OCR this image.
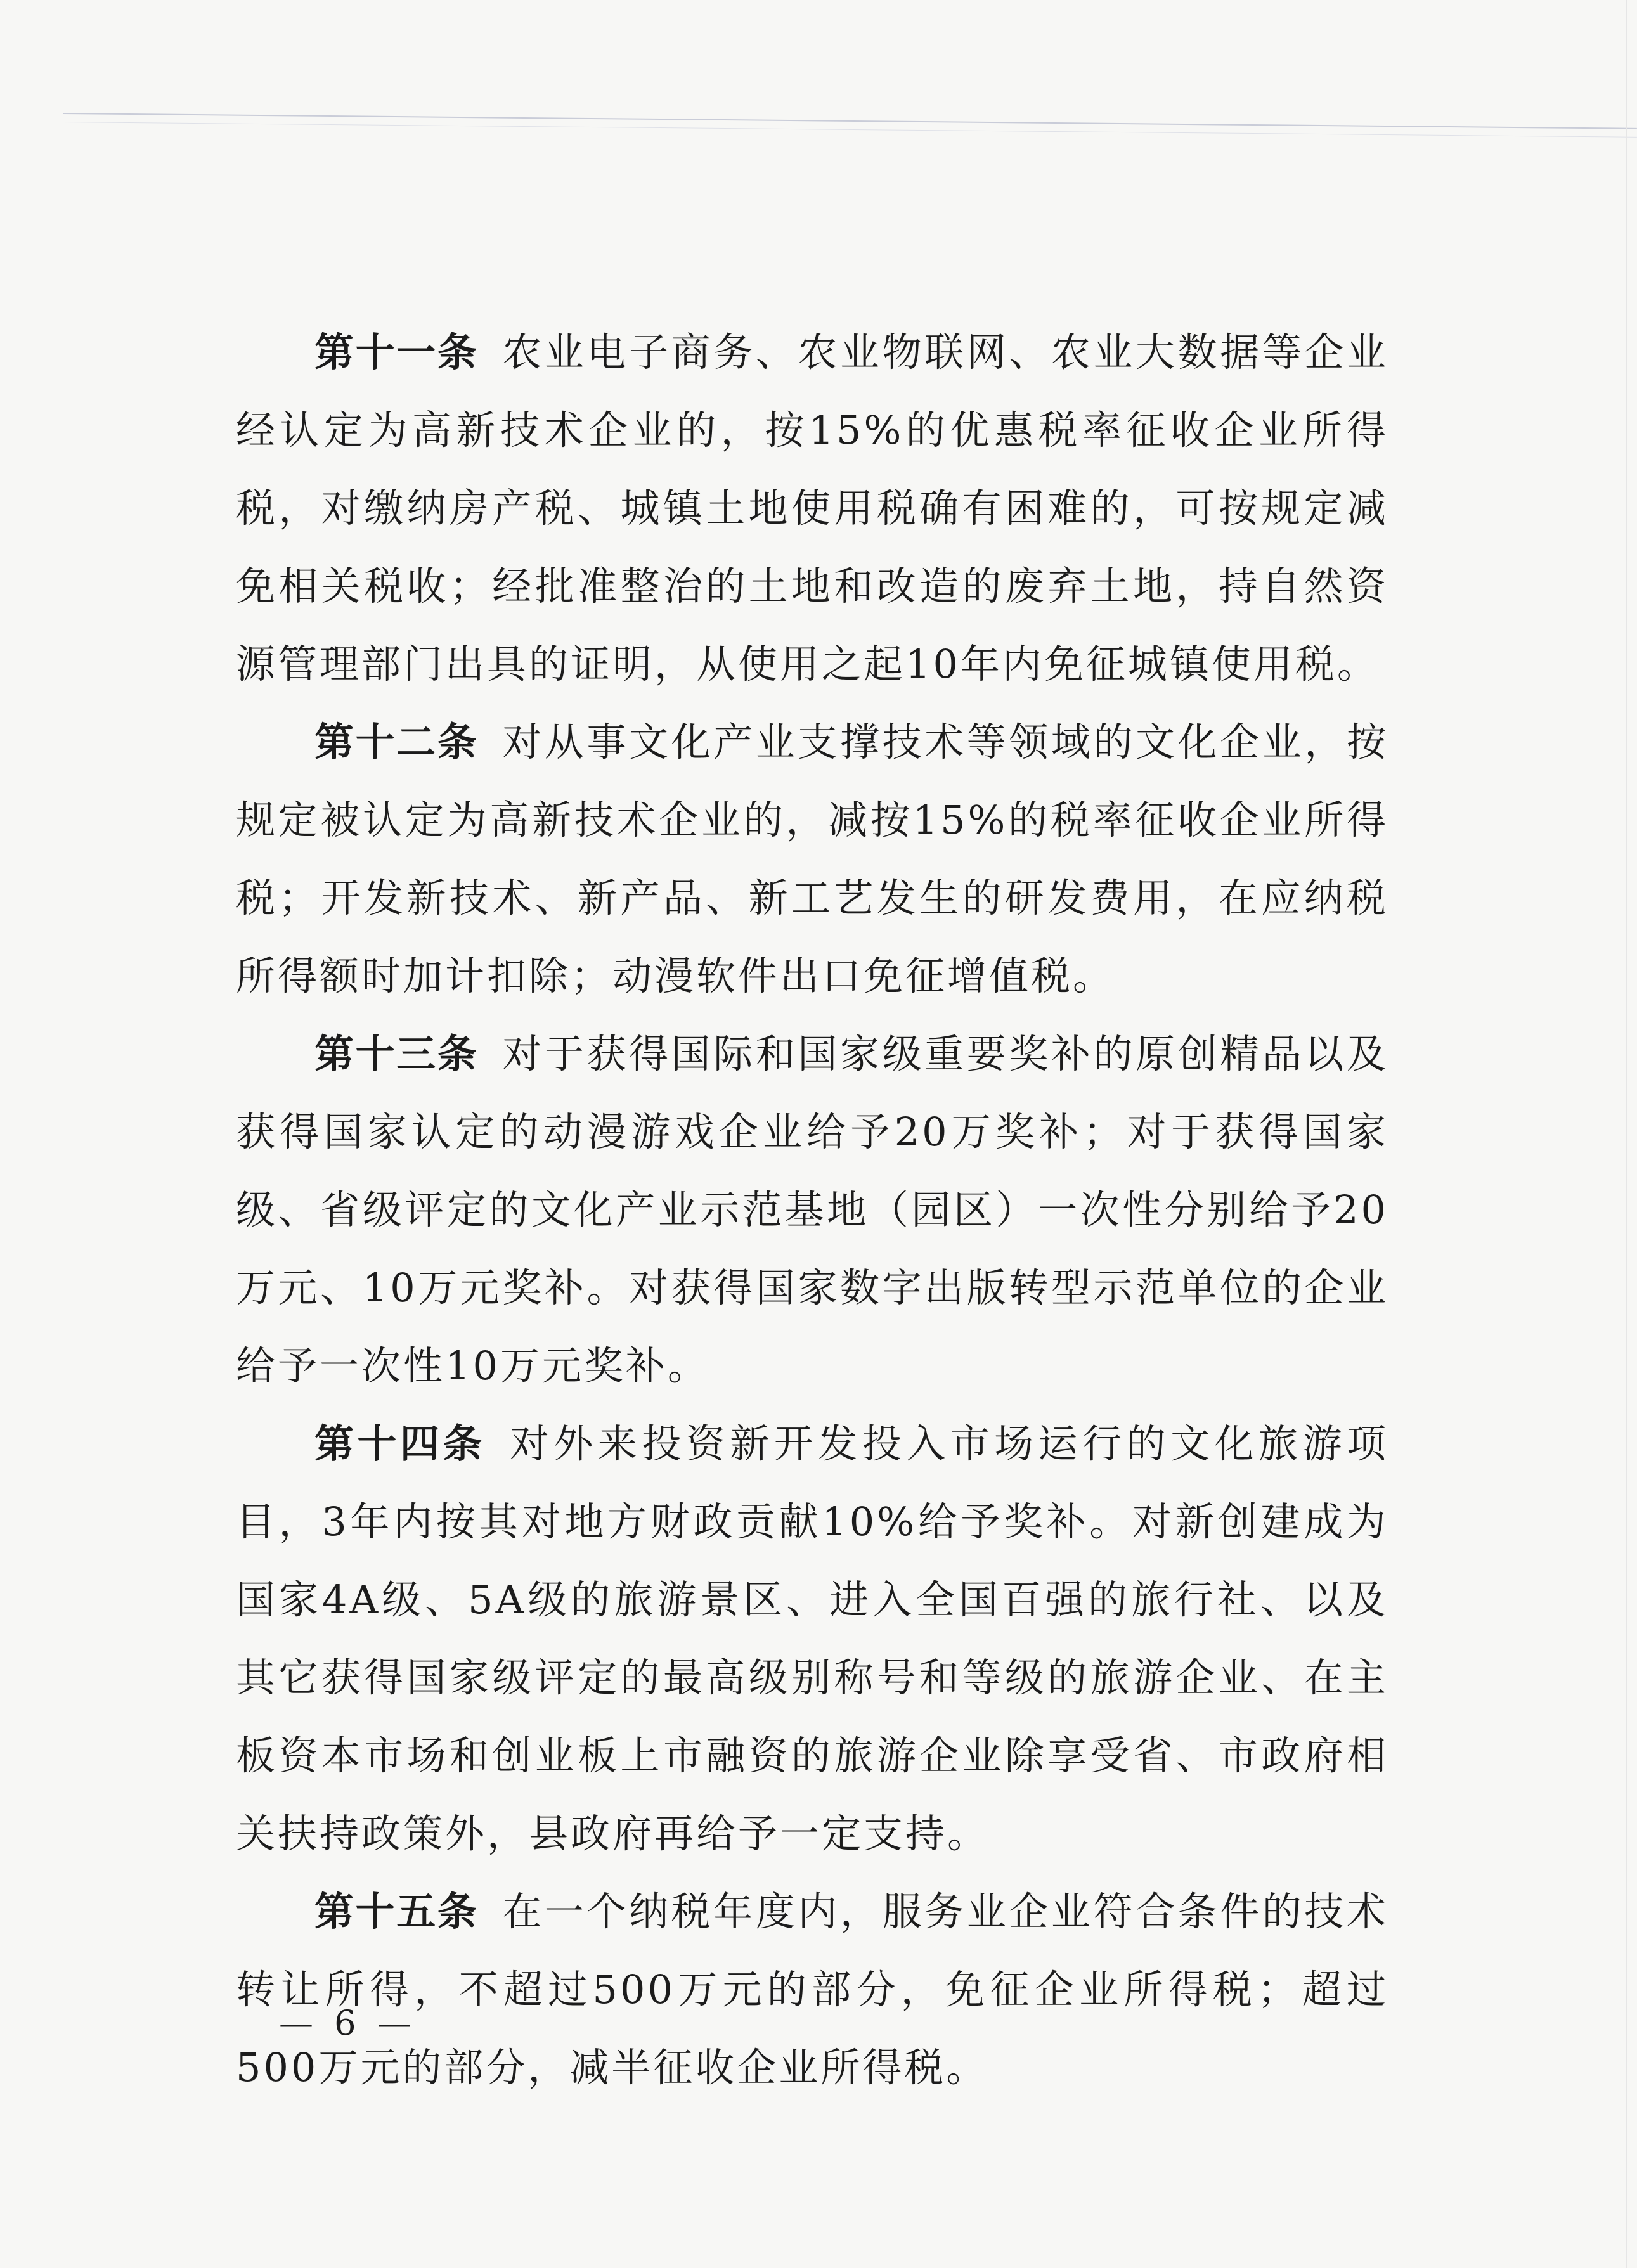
第十一条 农业电子商务、农业物联网、农业大数据等企业经认定为高新技术企业的，按15%的优惠税率征收企业所得税，对缴纳房产税、城镇土地使用税确有困难的，可按规定减免相关税收；经批准整治的土地和改造的废弃土地，持自然资源管理部门出具的证明，从使用之起10年内免征城镇使用税。

第十二条 对从事文化产业支撑技术等领域的文化企业，按规定被认定为高新技术企业的，减按15%的税率征收企业所得税；开发新技术、新产品、新工艺发生的研发费用，在应纳税所得额时加计扣除；动漫软件出口免征增值税。

第十三条 对于获得国际和国家级重要奖补的原创精品以及获得国家认定的动漫游戏企业给予20万奖补；对于获得国家级、省级评定的文化产业示范基地（园区）一次性分别给予20万元、10万元奖补。对获得国家数字出版转型示范单位的企业给予一次性10万元奖补。

第十四条 对外来投资新开发投入市场运行的文化旅游项目，3年内按其对地方财政贡献10%给予奖补。对新创建成为国家4A级、5A级的旅游景区、进入全国百强的旅行社、以及其它获得国家级评定的最高级别称号和等级的旅游企业、在主板资本市场和创业板上市融资的旅游企业除享受省、市政府相关扶持政策外，县政府再给予一定支持。

第十五条 在一个纳税年度内，服务业企业符合条件的技术转让所得，不超过500万元的部分，免征企业所得税；超过500万元的部分，减半征收企业所得税。

— 6 —
